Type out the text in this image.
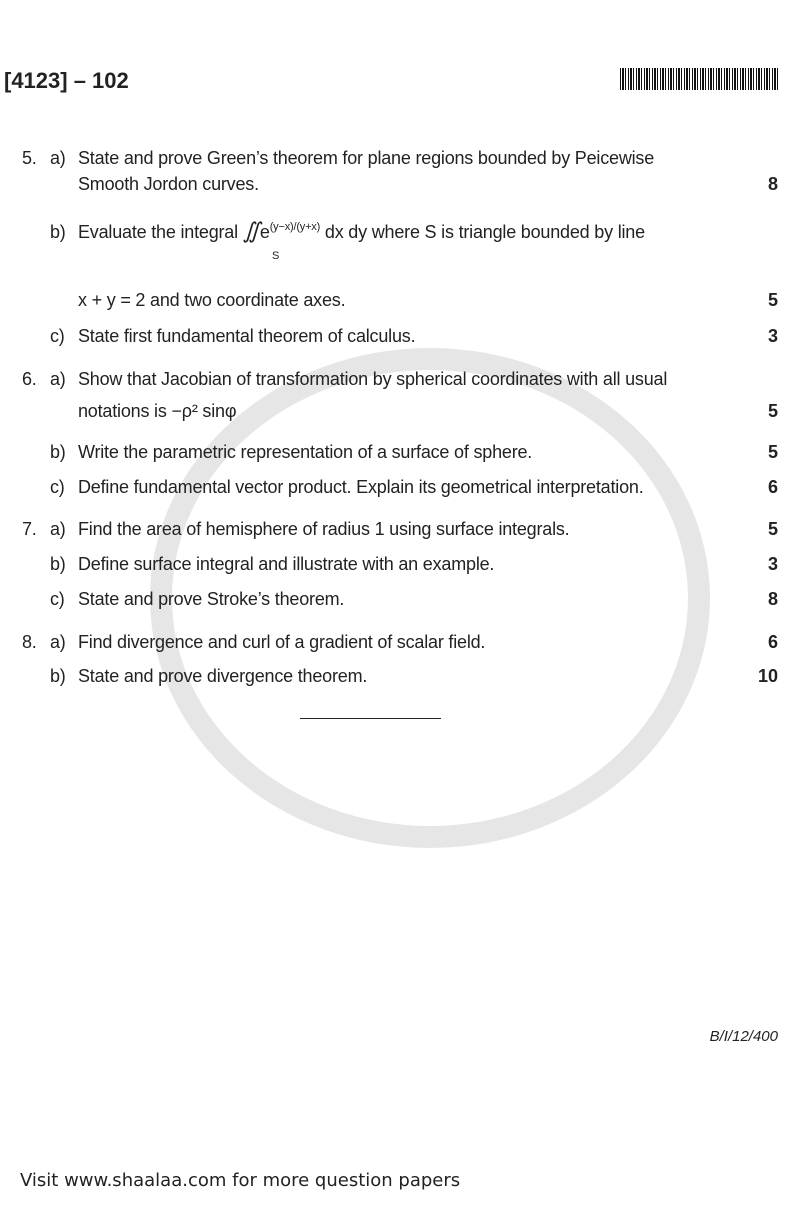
[4123] – 102
5. a) State and prove Green’s theorem for plane regions bounded by Peicewise
Smooth Jordon curves.	8
b) Evaluate the integral $∬e^{(y-x)/(y+x)}$ dx dy where S is triangle bounded by line
S
x + y = 2 and two coordinate axes.	5
c) State first fundamental theorem of calculus.	3
6. a) Show that Jacobian of transformation by spherical coordinates with all usual
notations is −ρ² sinφ	5
b) Write the parametric representation of a surface of sphere.	5
c) Define fundamental vector product. Explain its geometrical interpretation.	6
7. a) Find the area of hemisphere of radius 1 using surface integrals.	5
b) Define surface integral and illustrate with an example.	3
c) State and prove Stroke’s theorem.	8
8. a) Find divergence and curl of a gradient of scalar field.	6
b) State and prove divergence theorem.	10
B/I/12/400
Visit www.shaalaa.com for more question papers
